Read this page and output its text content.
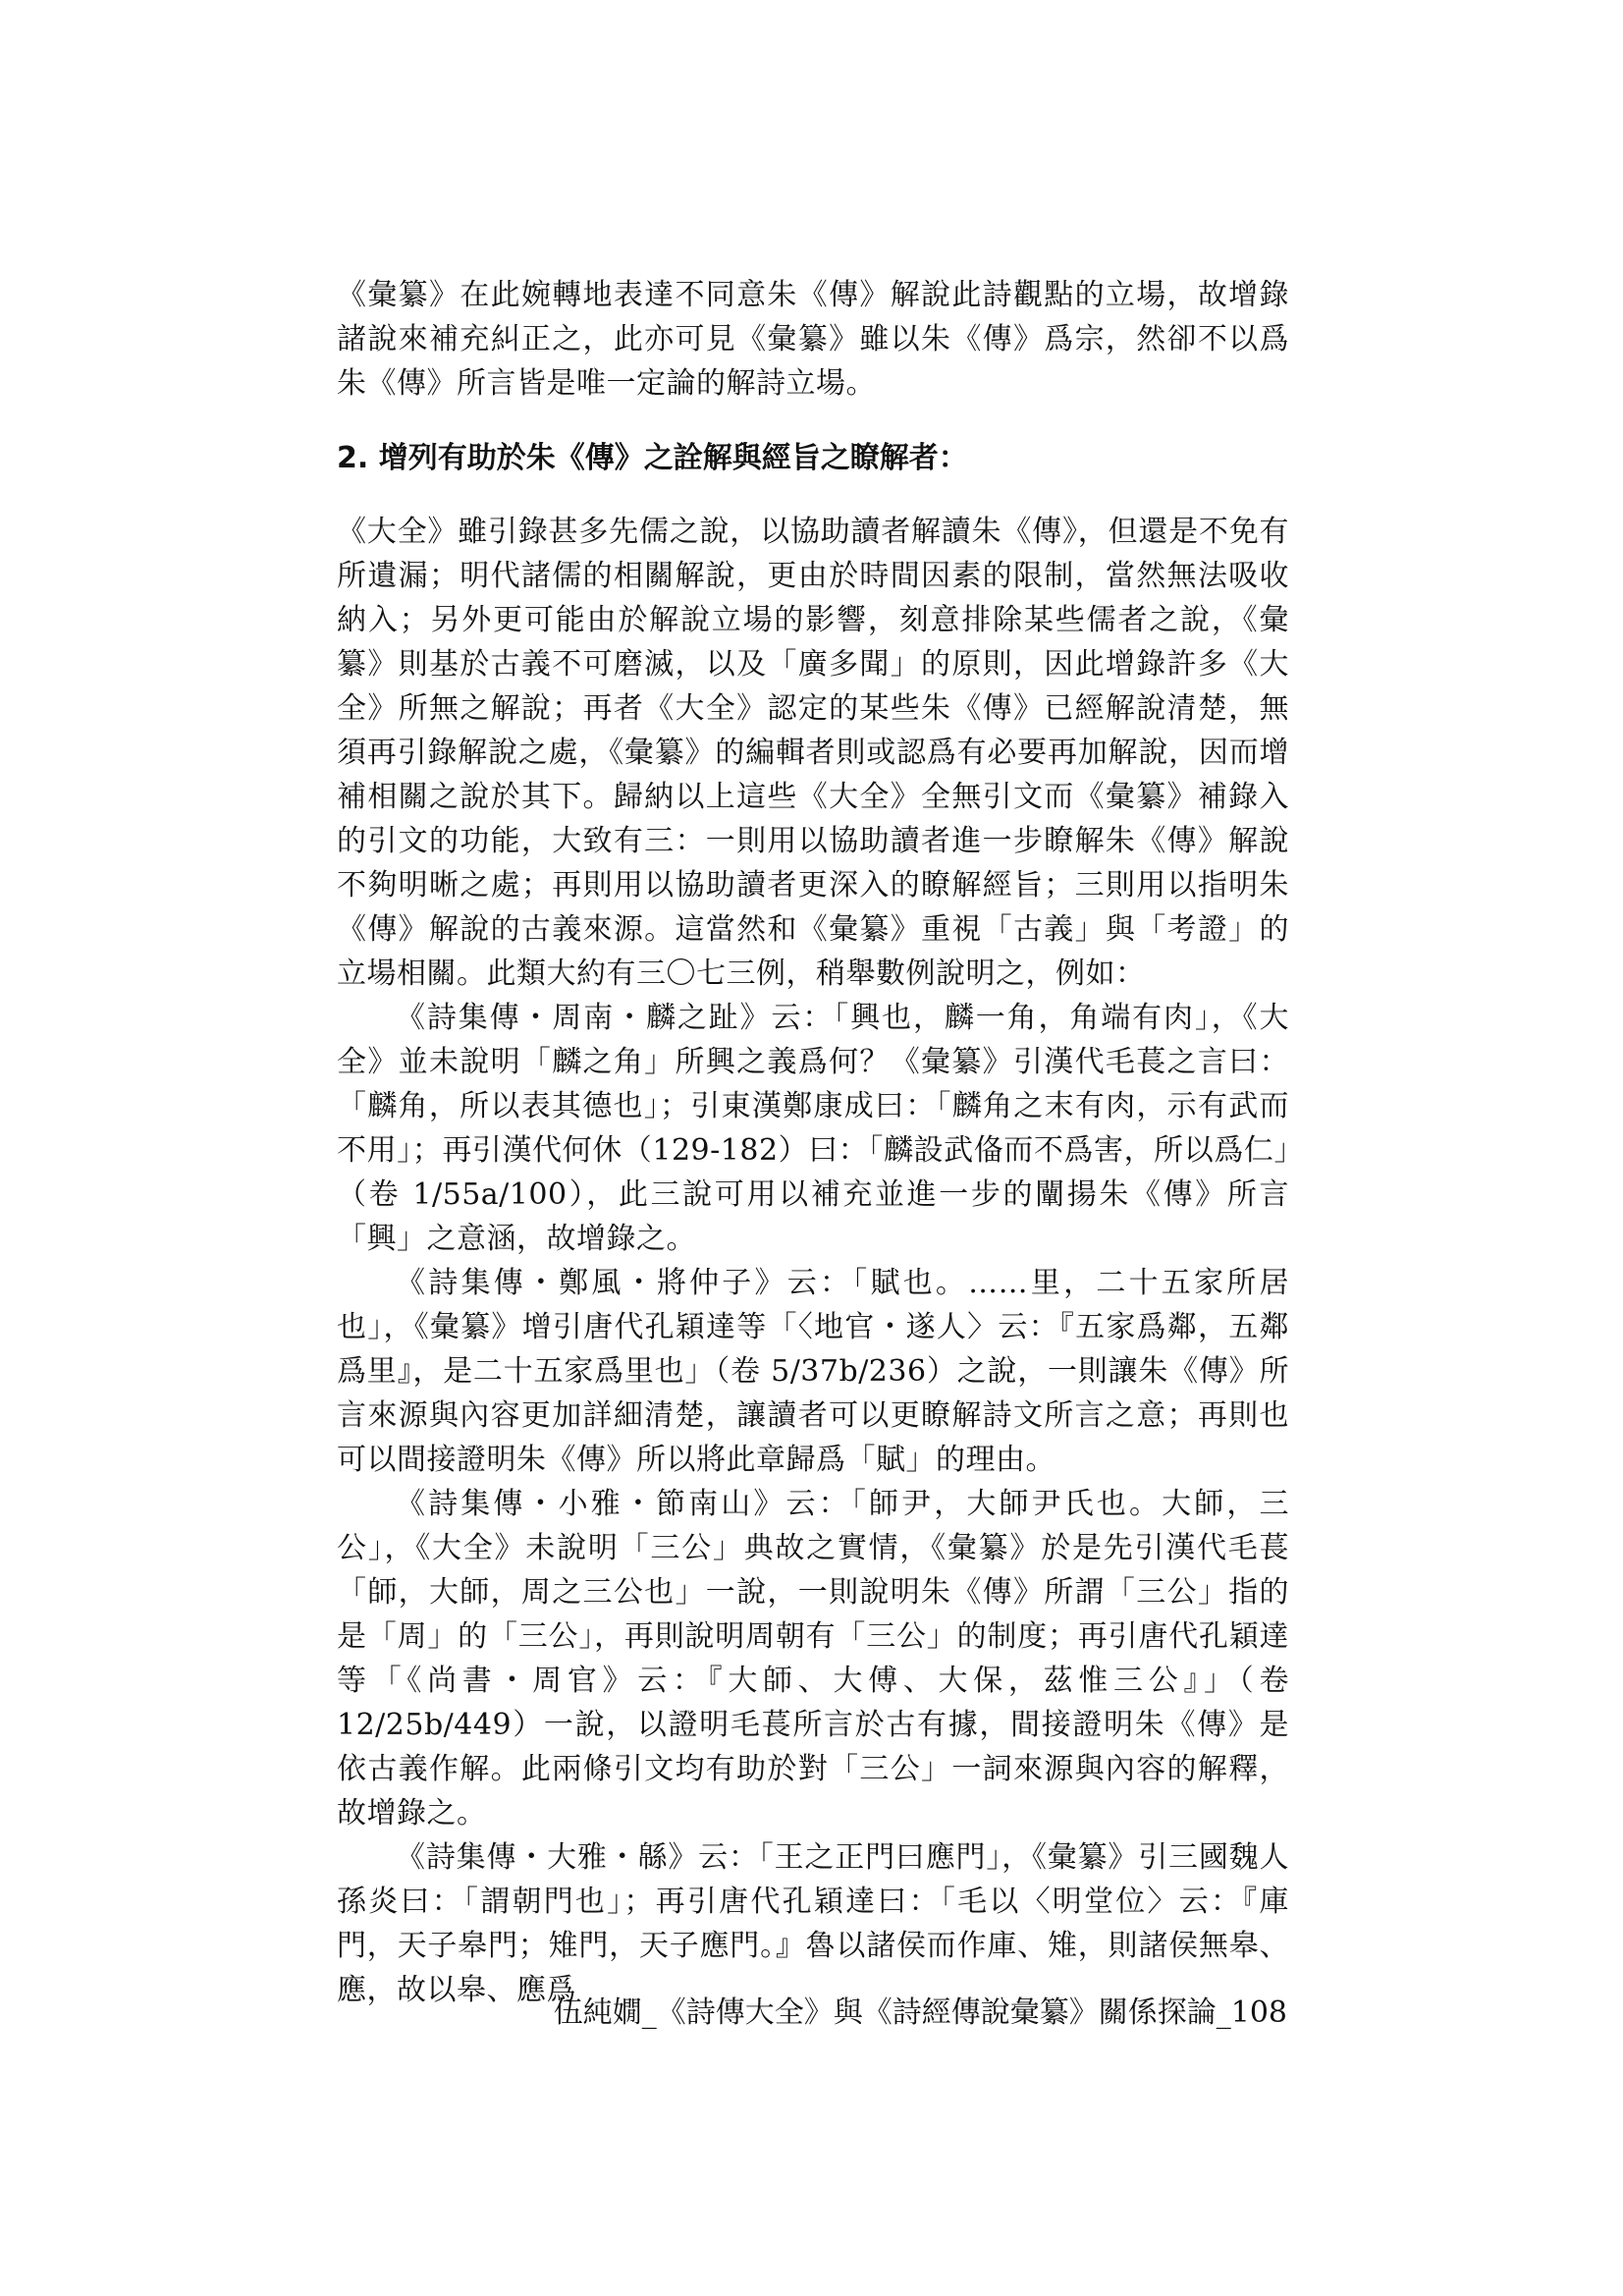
《彙纂》在此婉轉地表達不同意朱《傳》解說此詩觀點的立場，故增錄諸說來補充糾正之，此亦可見《彙纂》雖以朱《傳》爲宗，然卻不以爲朱《傳》所言皆是唯一定論的解詩立場。

2. 增列有助於朱《傳》之詮解與經旨之瞭解者：

《大全》雖引錄甚多先儒之說，以協助讀者解讀朱《傳》，但還是不免有所遺漏；明代諸儒的相關解說，更由於時間因素的限制，當然無法吸收納入；另外更可能由於解說立場的影響，刻意排除某些儒者之說，《彙纂》則基於古義不可磨滅，以及「廣多聞」的原則，因此增錄許多《大全》所無之解說；再者《大全》認定的某些朱《傳》已經解說清楚，無須再引錄解說之處，《彙纂》的編輯者則或認爲有必要再加解說，因而增補相關之說於其下。歸納以上這些《大全》全無引文而《彙纂》補錄入的引文的功能，大致有三：一則用以協助讀者進一步瞭解朱《傳》解說不夠明晰之處；再則用以協助讀者更深入的瞭解經旨；三則用以指明朱《傳》解說的古義來源。這當然和《彙纂》重視「古義」與「考證」的立場相關。此類大約有三〇七三例，稍舉數例說明之，例如：

《詩集傳・周南・麟之趾》云：「興也，麟一角，角端有肉」，《大全》並未說明「麟之角」所興之義爲何？《彙纂》引漢代毛萇之言曰：「麟角，所以表其德也」；引東漢鄭康成曰：「麟角之末有肉，示有武而不用」；再引漢代何休（129-182）曰：「麟設武俻而不爲害，所以爲仁」（卷 1/55a/100），此三說可用以補充並進一步的闡揚朱《傳》所言「興」之意涵，故增錄之。

《詩集傳・鄭風・將仲子》云：「賦也。……里，二十五家所居也」，《彙纂》增引唐代孔穎達等「〈地官・遂人〉云：『五家爲鄰，五鄰爲里』，是二十五家爲里也」（卷 5/37b/236）之說，一則讓朱《傳》所言來源與內容更加詳細清楚，讓讀者可以更瞭解詩文所言之意；再則也可以間接證明朱《傳》所以將此章歸爲「賦」的理由。

《詩集傳・小雅・節南山》云：「師尹，大師尹氏也。大師，三公」，《大全》未說明「三公」典故之實情，《彙纂》於是先引漢代毛萇「師，大師，周之三公也」一說，一則說明朱《傳》所謂「三公」指的是「周」的「三公」，再則說明周朝有「三公」的制度；再引唐代孔穎達等「《尚書・周官》云：『大師、大傅、大保，茲惟三公』」（卷 12/25b/449）一說，以證明毛萇所言於古有據，間接證明朱《傳》是依古義作解。此兩條引文均有助於對「三公」一詞來源與內容的解釋，故增錄之。

《詩集傳・大雅・緜》云：「王之正門曰應門」，《彙纂》引三國魏人孫炎曰：「謂朝門也」；再引唐代孔穎達曰：「毛以〈明堂位〉云：『庫門，天子皋門；雉門，天子應門。』魯以諸侯而作庫、雉，則諸侯無皋、應，故以皋、應爲

伍純嫺_《詩傳大全》與《詩經傳說彙纂》關係探論_108
